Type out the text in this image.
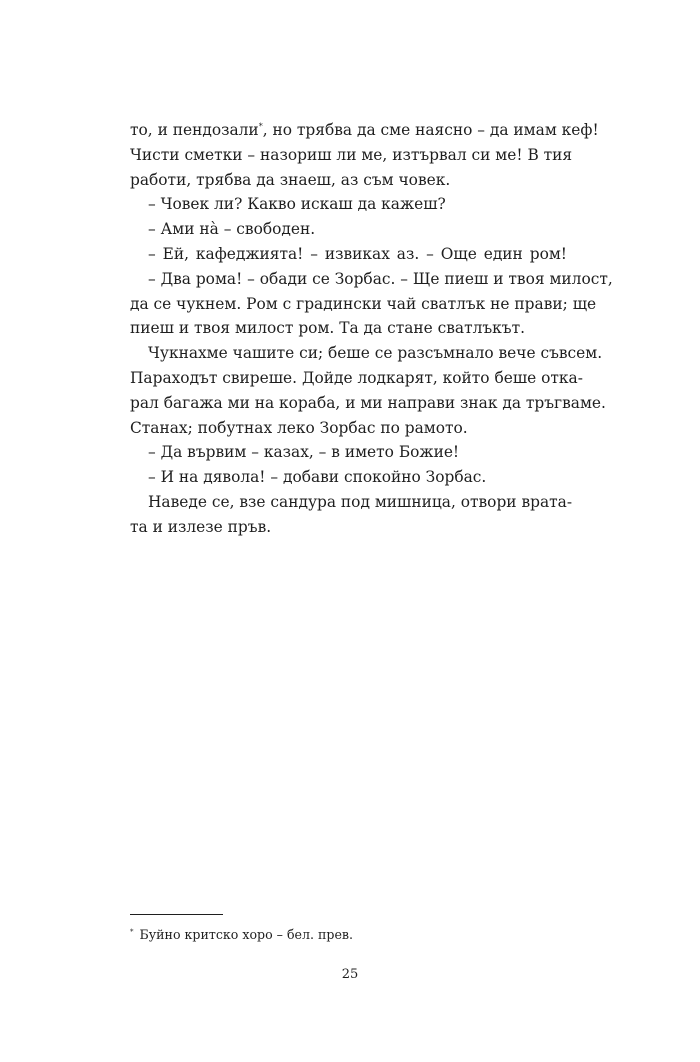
то, и пендозали*, но трябва да сме наясно – да имам кеф!
Чисти сметки – назориш ли ме, изтървал си ме! В тия
работи, трябва да знаеш, аз съм човек.
– Човек ли? Какво искаш да кажеш?
– Ами на̀ – свободен.
– Ей, кафеджията! – извиках аз. – Още един ром!
– Два рома! – обади се Зорбас. – Ще пиеш и твоя милост,
да се чукнем. Ром с градински чай сватлък не прави; ще
пиеш и твоя милост ром. Та да стане сватлъкът.
Чукнахме чашите си; беше се разсъмнало вече съвсем.
Параходът свиреше. Дойде лодкарят, който беше отка-
рал багажа ми на кораба, и ми направи знак да тръгваме.
Станах; побутнах леко Зорбас по рамото.
– Да вървим – казах, – в името Божие!
– И на дявола! – добави спокойно Зорбас.
Наведе се, взе сандура под мишница, отвори врата-
та и излезе пръв.
* Буйно критско хоро – бел. прев.
25
